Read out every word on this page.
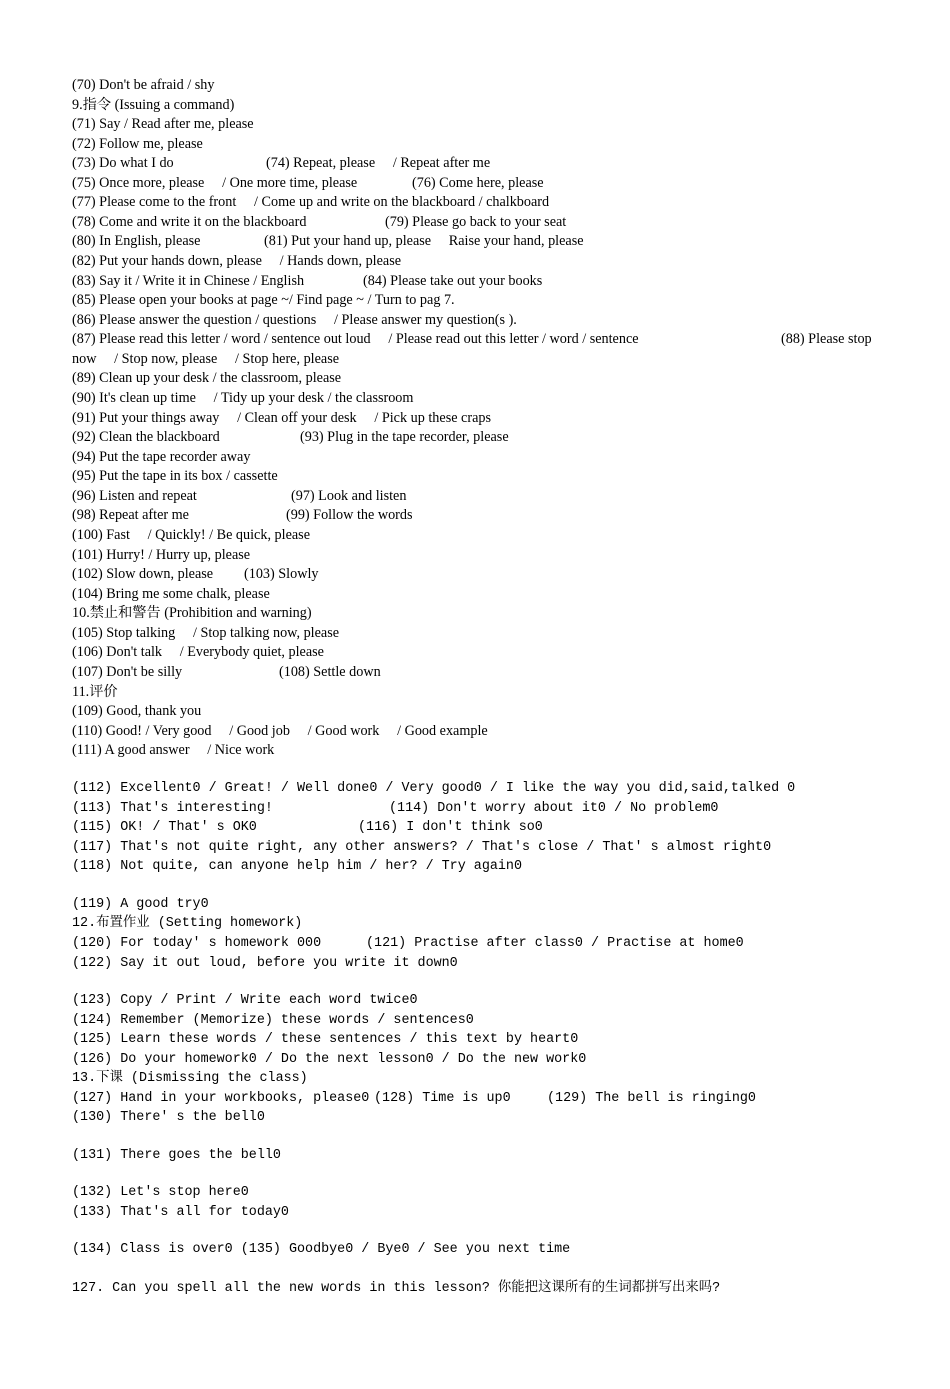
(70) Don't be afraid / shy
9.指令 (Issuing a command)
(71) Say / Read after me, please
(72) Follow me, please
(73) Do what I do	(74) Repeat, please     / Repeat after me
(75) Once more, please     / One more time, please	(76) Come here, please
(77) Please come to the front     / Come up and write on the blackboard / chalkboard
(78) Come and write it on the blackboard	(79) Please go back to your seat
(80) In English, please	(81) Put your hand up, please     Raise your hand, please
(82) Put your hands down, please     / Hands down, please
(83) Say it / Write it in Chinese / English	(84) Please take out your books
(85) Please open your books at page ~/ Find page ~ / Turn to pag 7.
(86) Please answer the question / questions     / Please answer my question(s ).
(87) Please read this letter / word / sentence out loud     / Please read out this letter / word / sentence	(88) Please stop
now     / Stop now, please     / Stop here, please
(89) Clean up your desk / the classroom, please
(90) It's clean up time     / Tidy up your desk / the classroom
(91) Put your things away     / Clean off your desk     / Pick up these craps
(92) Clean the blackboard	(93) Plug in the tape recorder, please
(94) Put the tape recorder away
(95) Put the tape in its box / cassette
(96) Listen and repeat	(97) Look and listen
(98) Repeat after me	(99) Follow the words
(100) Fast     / Quickly! / Be quick, please
(101) Hurry! / Hurry up, please
(102) Slow down, please (103) Slowly
(104) Bring me some chalk, please
10.禁止和警告 (Prohibition and warning)
(105) Stop talking     / Stop talking now, please
(106) Don't talk     / Everybody quiet, please
(107) Don't be silly	(108) Settle down
11.评价
(109) Good, thank you
(110) Good! / Very good     / Good job     / Good work     / Good example
(111) A good answer     / Nice work
(112) Excellent0 / Great! / Well done0 / Very good0 / I like the way you did,said,talked 0
(113) That's interesting!	(114) Don't worry about it0 / No problem0
(115) OK! / That' s OK0	(116) I don't think so0
(117) That's not quite right, any other answers? / That's close / That' s almost right0
(118) Not quite, can anyone help him / her? / Try again0
(119) A good try0
12.布置作业 (Setting homework)
(120) For today' s homework 000	(121) Practise after class0 / Practise at home0
(122) Say it out loud, before you write it down0
(123) Copy / Print / Write each word twice0
(124) Remember (Memorize) these words / sentences0
(125) Learn these words / these sentences / this text by heart0
(126) Do your homework0 / Do the next lesson0 / Do the new work0
13.下课 (Dismissing the class)
(127) Hand in your workbooks, please0 (128) Time is up0	(129) The bell is ringing0
(130) There' s the bell0
(131) There goes the bell0
(132) Let's stop here0
(133) That's all for today0
(134) Class is over0 (135) Goodbye0 / Bye0 / See you next time
127. Can you spell all the new words in this lesson? 你能把这课所有的生词都拼写出来吗?
